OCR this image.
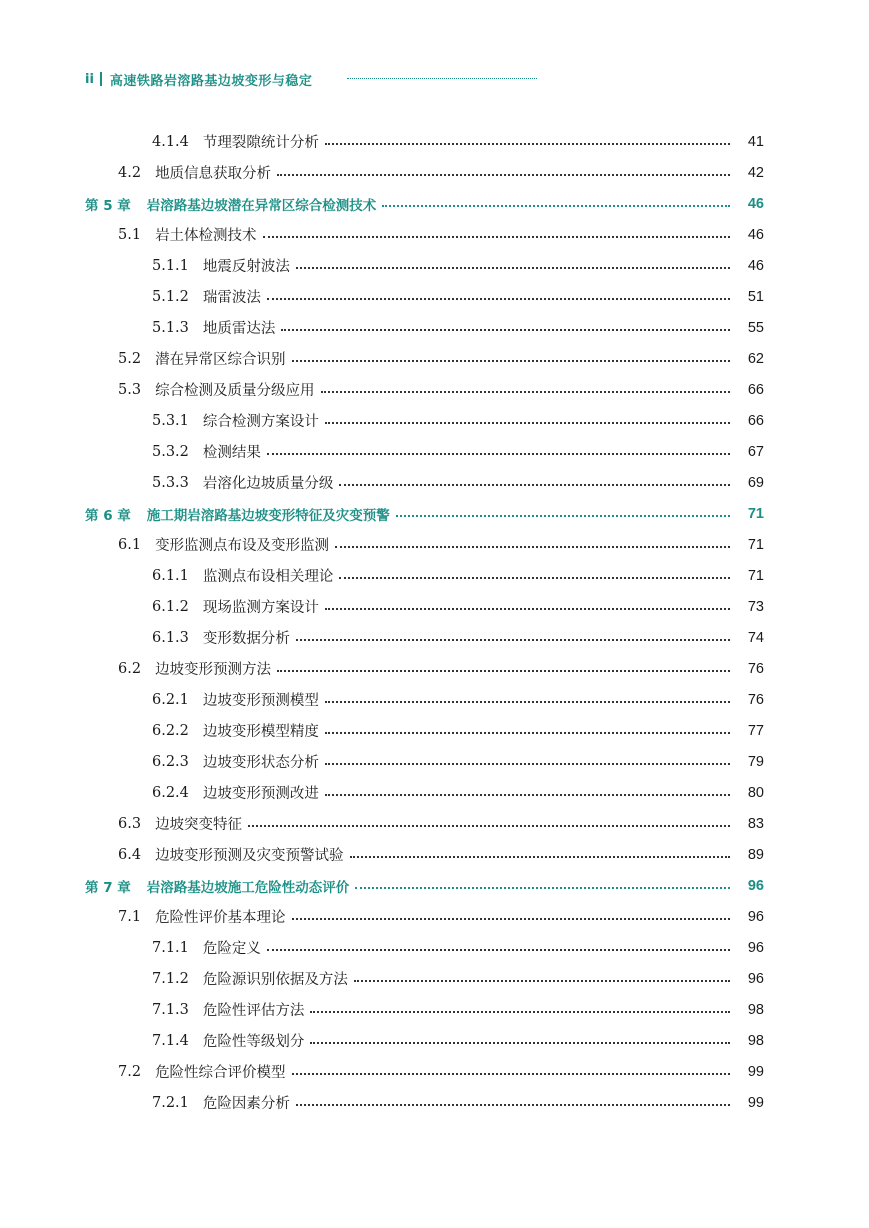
ii 高速铁路岩溶路基边坡变形与稳定
4.1.4 节理裂隙统计分析	41
4.2 地质信息获取分析	42
第 5 章 岩溶路基边坡潜在异常区综合检测技术	46
5.1 岩土体检测技术	46
5.1.1 地震反射波法	46
5.1.2 瑞雷波法	51
5.1.3 地质雷达法	55
5.2 潜在异常区综合识别	62
5.3 综合检测及质量分级应用	66
5.3.1 综合检测方案设计	66
5.3.2 检测结果	67
5.3.3 岩溶化边坡质量分级	69
第 6 章 施工期岩溶路基边坡变形特征及灾变预警	71
6.1 变形监测点布设及变形监测	71
6.1.1 监测点布设相关理论	71
6.1.2 现场监测方案设计	73
6.1.3 变形数据分析	74
6.2 边坡变形预测方法	76
6.2.1 边坡变形预测模型	76
6.2.2 边坡变形模型精度	77
6.2.3 边坡变形状态分析	79
6.2.4 边坡变形预测改进	80
6.3 边坡突变特征	83
6.4 边坡变形预测及灾变预警试验	89
第 7 章 岩溶路基边坡施工危险性动态评价	96
7.1 危险性评价基本理论	96
7.1.1 危险定义	96
7.1.2 危险源识别依据及方法	96
7.1.3 危险性评估方法	98
7.1.4 危险性等级划分	98
7.2 危险性综合评价模型	99
7.2.1 危险因素分析	99
